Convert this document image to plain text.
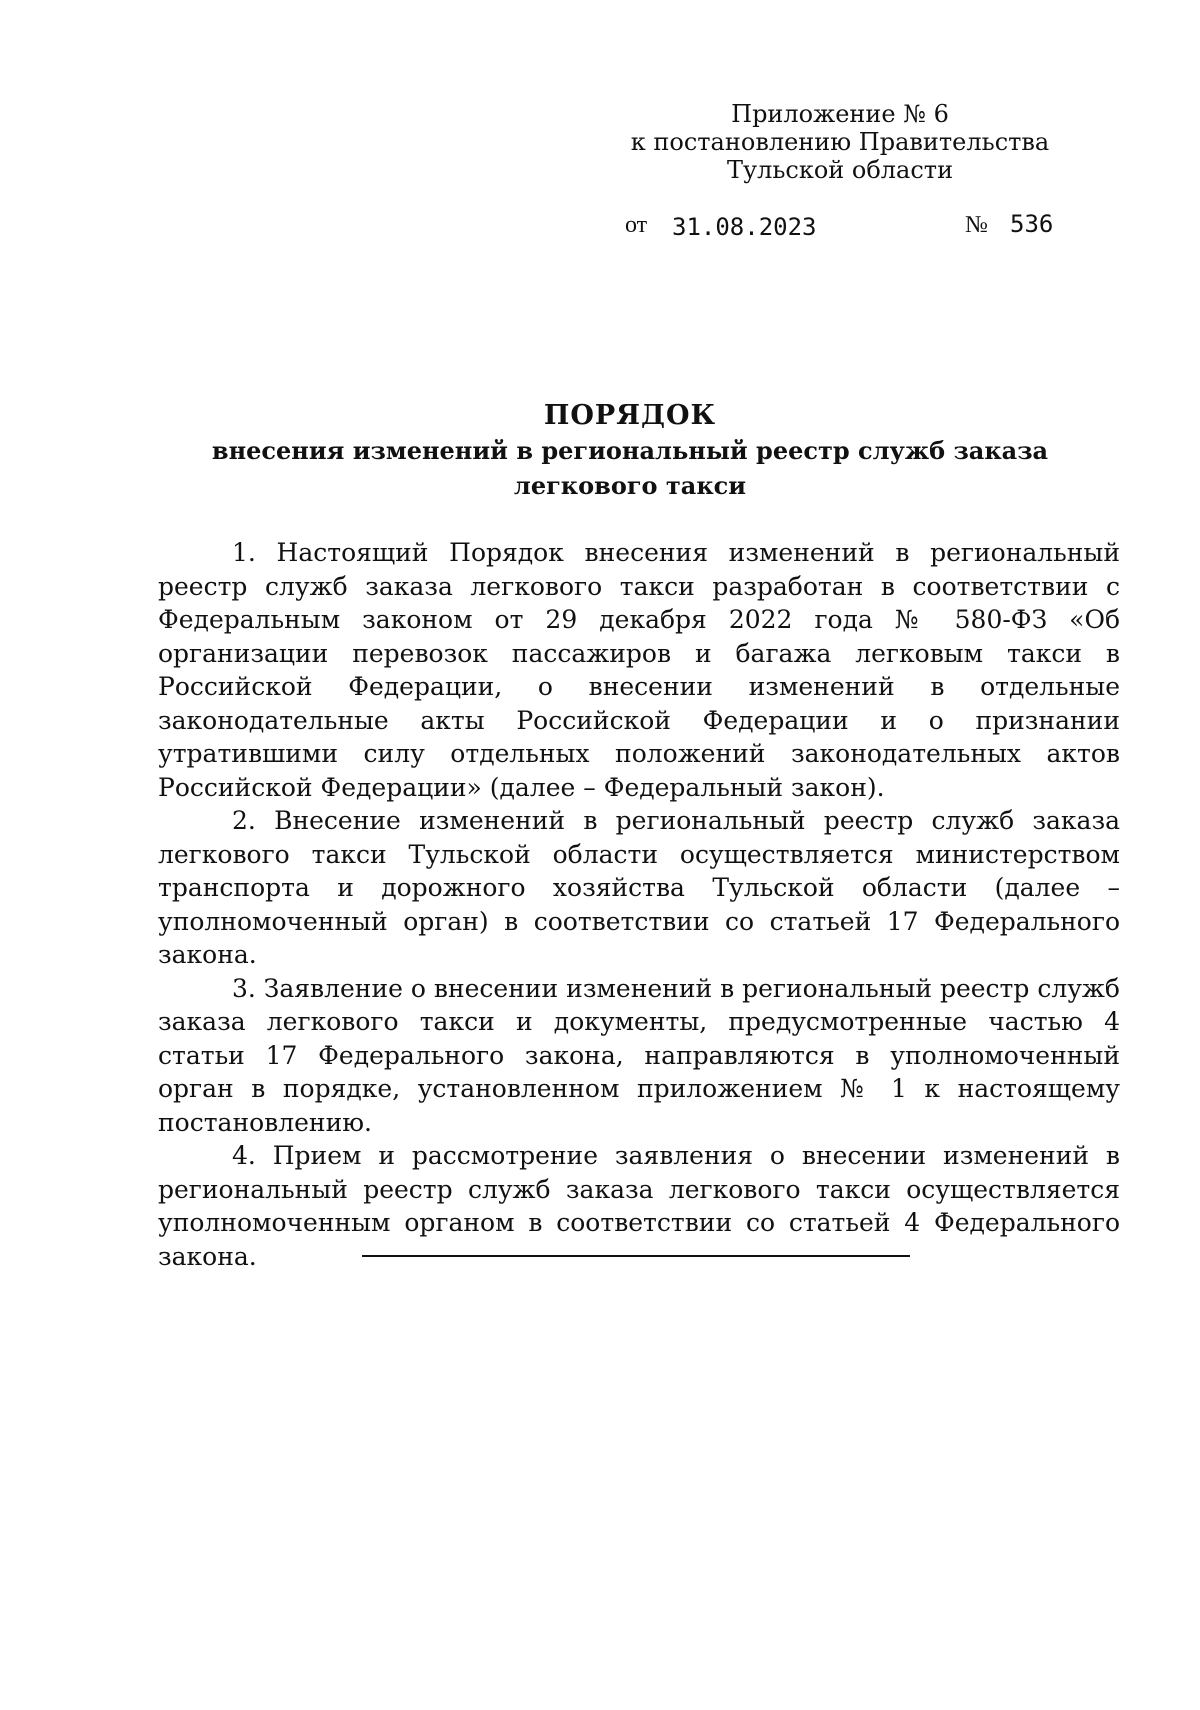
Приложение № 6
к постановлению Правительства
Тульской области
от 31.08.2023	№ 536
ПОРЯДОК
внесения изменений в региональный реестр служб заказа
легкового такси

1. Настоящий Порядок внесения изменений в региональный реестр служб заказа легкового такси разработан в соответствии с Федеральным законом от 29 декабря 2022 года № 580-ФЗ «Об организации перевозок пассажиров и багажа легковым такси в Российской Федерации, о внесении изменений в отдельные законодательные акты Российской Федерации и о признании утратившими силу отдельных положений законодательных актов Российской Федерации» (далее – Федеральный закон).

2. Внесение изменений в региональный реестр служб заказа легкового такси Тульской области осуществляется министерством транспорта и дорожного хозяйства Тульской области (далее – уполномоченный орган) в соответствии со статьей 17 Федерального закона.

3. Заявление о внесении изменений в региональный реестр служб заказа легкового такси и документы, предусмотренные частью 4 статьи 17 Федерального закона, направляются в уполномоченный орган в порядке, установленном приложением № 1 к настоящему постановлению.

4. Прием и рассмотрение заявления о внесении изменений в региональный реестр служб заказа легкового такси осуществляется уполномоченным органом в соответствии со статьей 4 Федерального закона.
